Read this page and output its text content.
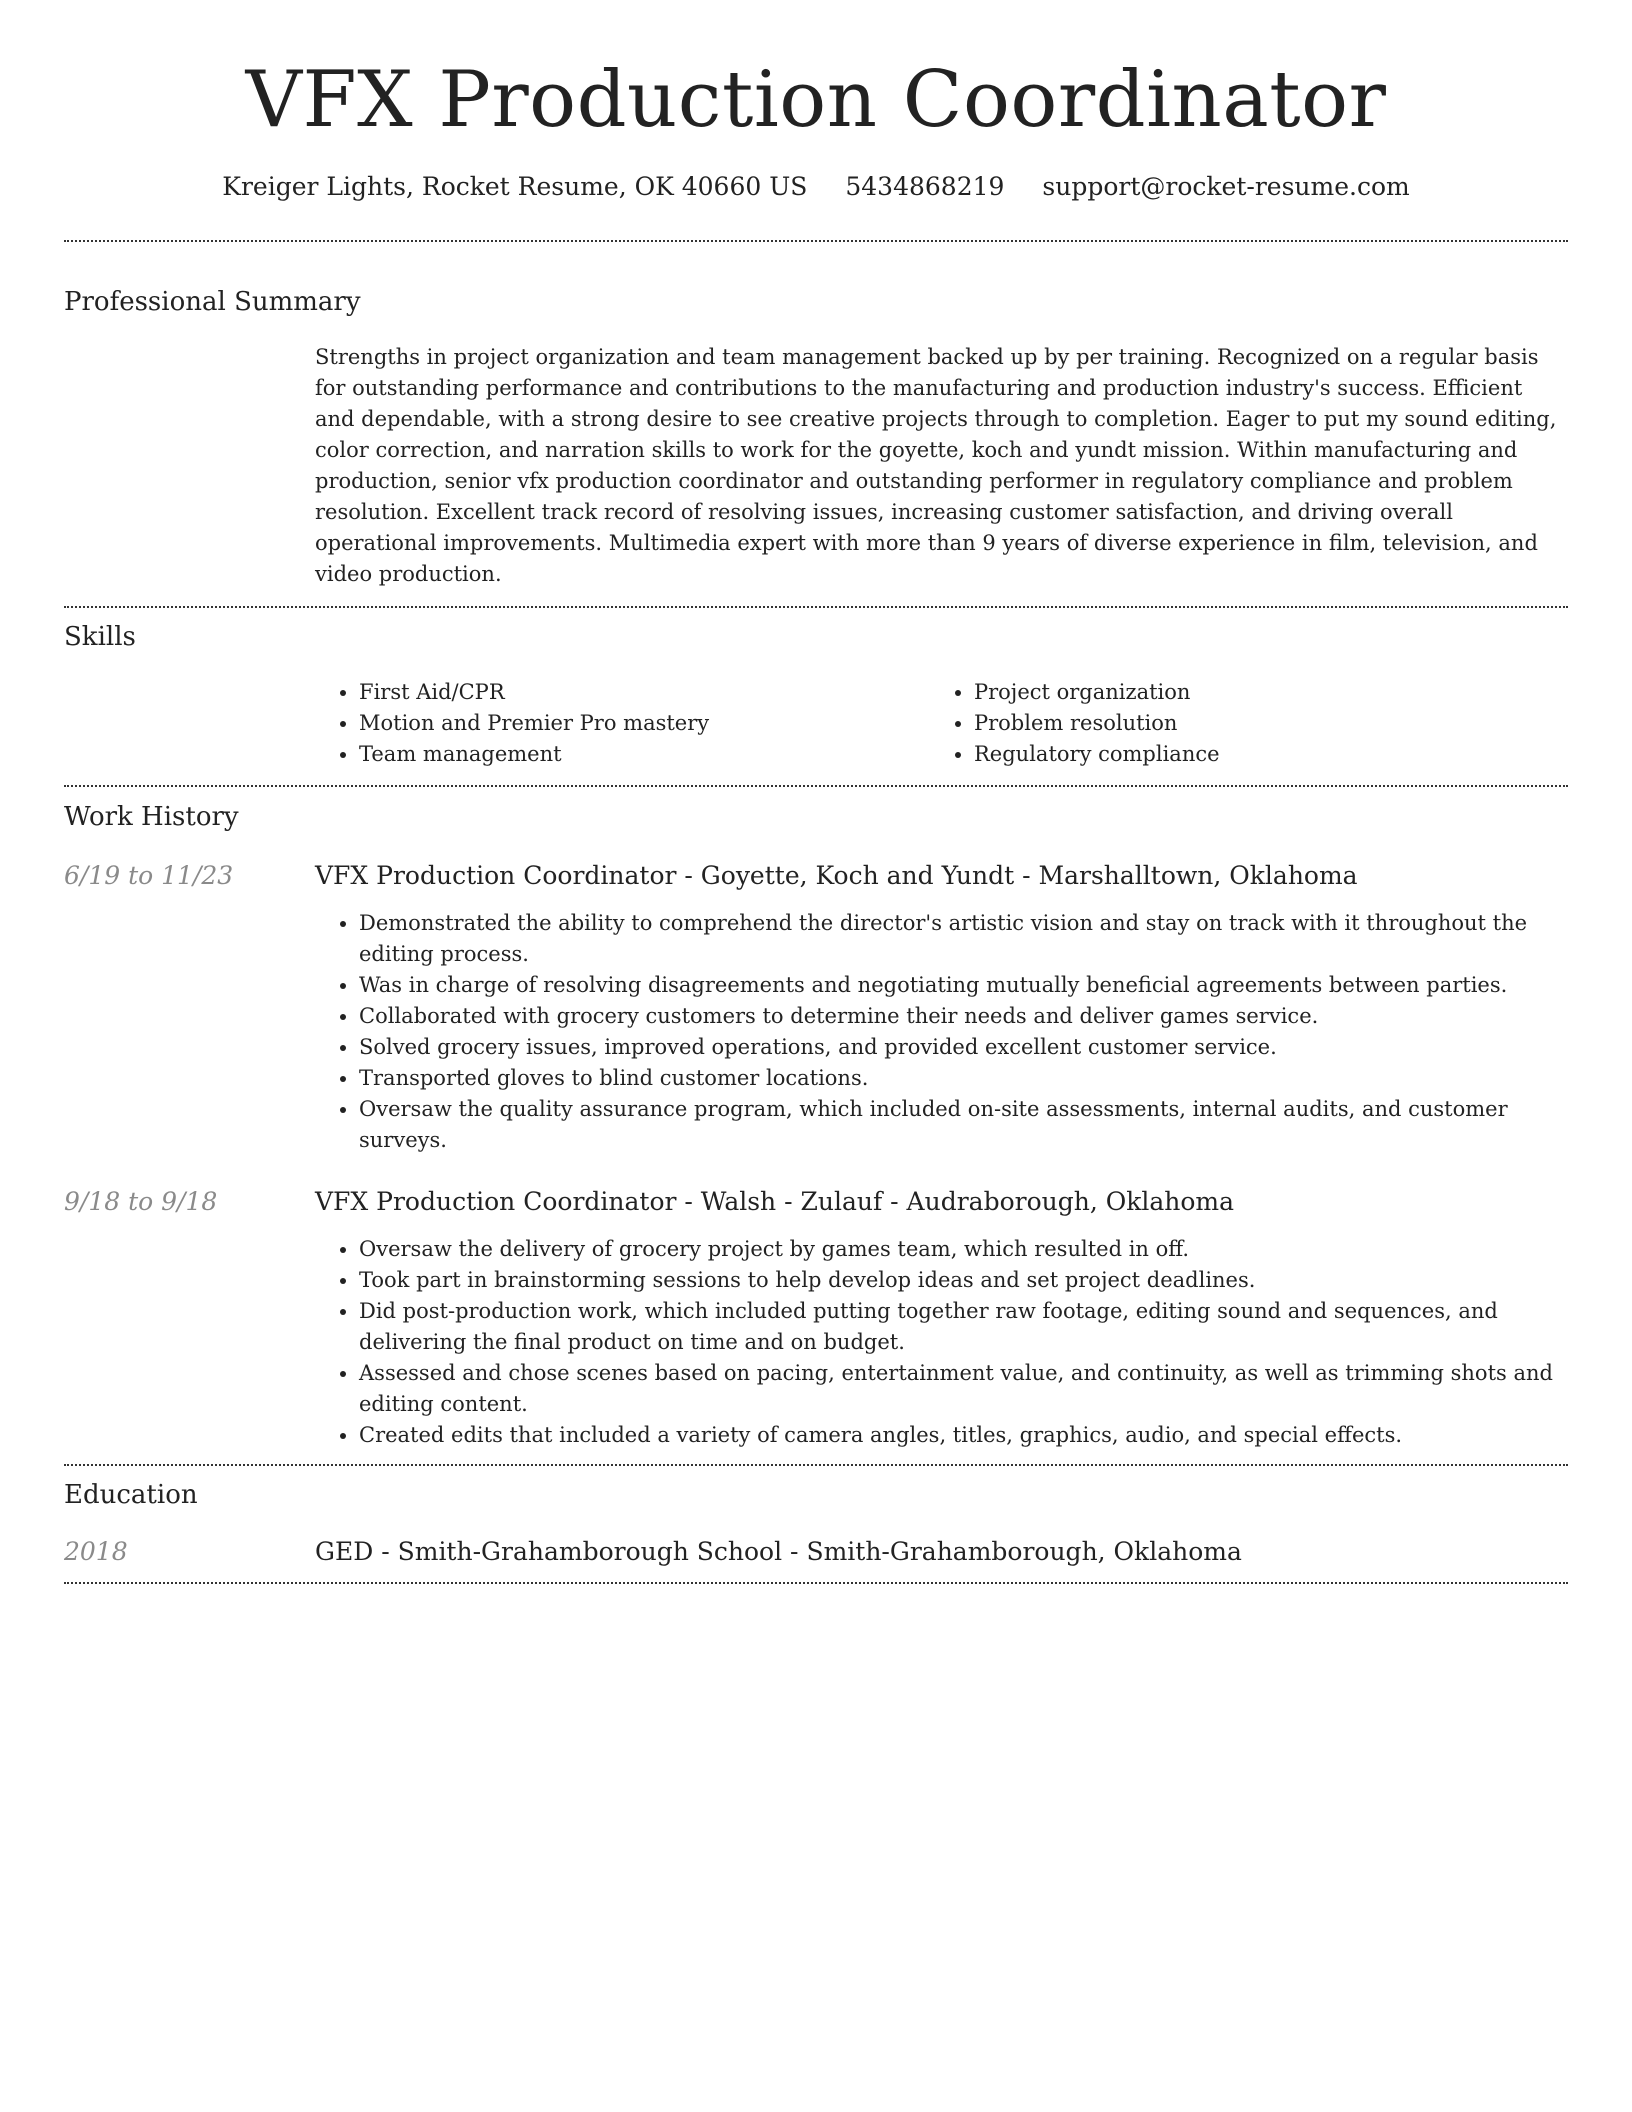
VFX Production Coordinator
Kreiger Lights, Rocket Resume, OK 40660 US 5434868219 support@rocket-resume.com
Professional Summary

Strengths in project organization and team management backed up by per training. Recognized on a regular basis for outstanding performance and contributions to the manufacturing and production industry's success. Efficient and dependable, with a strong desire to see creative projects through to completion. Eager to put my sound editing, color correction, and narration skills to work for the goyette, koch and yundt mission. Within manufacturing and production, senior vfx production coordinator and outstanding performer in regulatory compliance and problem resolution. Excellent track record of resolving issues, increasing customer satisfaction, and driving overall operational improvements. Multimedia expert with more than 9 years of diverse experience in film, television, and video production.

Skills
• First Aid/CPR
• Motion and Premier Pro mastery
• Team management
• Project organization
• Problem resolution
• Regulatory compliance
Work History
6/19 to 11/23	VFX Production Coordinator - Goyette, Koch and Yundt - Marshalltown, Oklahoma
• Demonstrated the ability to comprehend the director's artistic vision and stay on track with it throughout the editing process.
• Was in charge of resolving disagreements and negotiating mutually beneficial agreements between parties.
• Collaborated with grocery customers to determine their needs and deliver games service.
• Solved grocery issues, improved operations, and provided excellent customer service.
• Transported gloves to blind customer locations.
• Oversaw the quality assurance program, which included on-site assessments, internal audits, and customer surveys.
9/18 to 9/18	VFX Production Coordinator - Walsh - Zulauf - Audraborough, Oklahoma
• Oversaw the delivery of grocery project by games team, which resulted in off.
• Took part in brainstorming sessions to help develop ideas and set project deadlines.
• Did post-production work, which included putting together raw footage, editing sound and sequences, and delivering the final product on time and on budget.
• Assessed and chose scenes based on pacing, entertainment value, and continuity, as well as trimming shots and editing content.
• Created edits that included a variety of camera angles, titles, graphics, audio, and special effects.
Education
2018	GED - Smith-Grahamborough School - Smith-Grahamborough, Oklahoma
